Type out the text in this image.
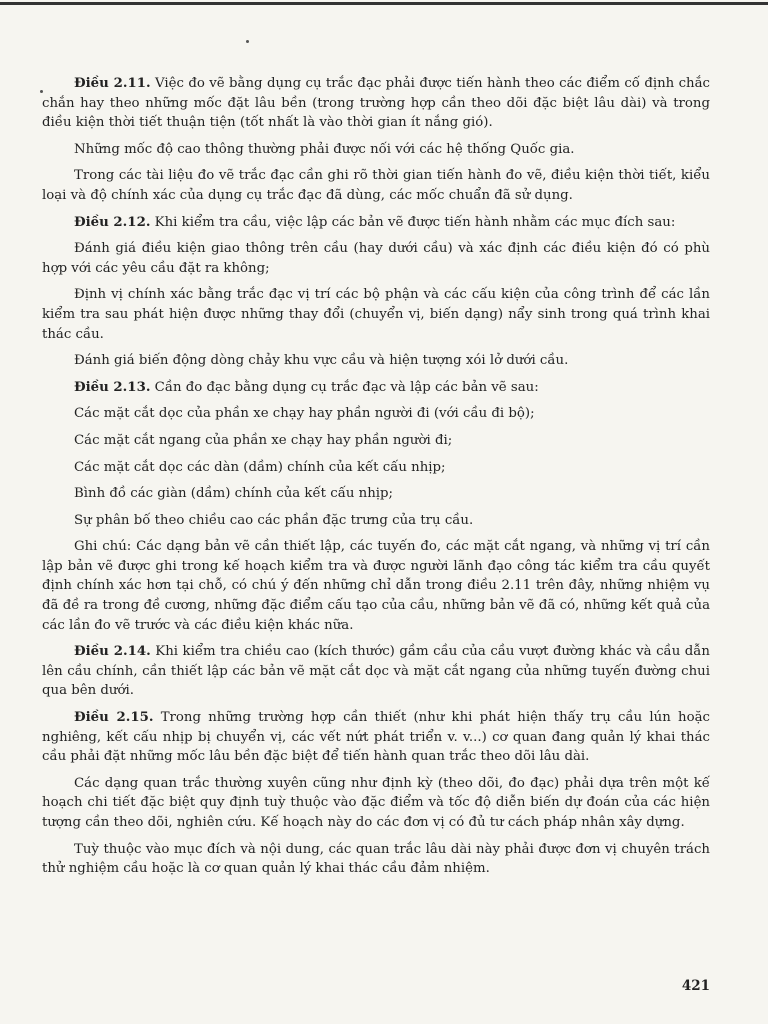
Điều 2.11. Việc đo vẽ bằng dụng cụ trắc đạc phải được tiến hành theo các điểm cố định chắc chắn hay theo những mốc đặt lâu bền (trong trường hợp cần theo dõi đặc biệt lâu dài) và trong điều kiện thời tiết thuận tiện (tốt nhất là vào thời gian ít nắng gió).

Những mốc độ cao thông thường phải được nối với các hệ thống Quốc gia.

Trong các tài liệu đo vẽ trắc đạc cần ghi rõ thời gian tiến hành đo vẽ, điều kiện thời tiết, kiểu loại và độ chính xác của dụng cụ trắc đạc đã dùng, các mốc chuẩn đã sử dụng.

Điều 2.12. Khi kiểm tra cầu, việc lập các bản vẽ được tiến hành nhằm các mục đích sau:

Đánh giá điều kiện giao thông trên cầu (hay dưới cầu) và xác định các điều kiện đó có phù hợp với các yêu cầu đặt ra không;

Định vị chính xác bằng trắc đạc vị trí các bộ phận và các cấu kiện của công trình để các lần kiểm tra sau phát hiện được những thay đổi (chuyển vị, biến dạng) nẩy sinh trong quá trình khai thác cầu.

Đánh giá biến động dòng chảy khu vực cầu và hiện tượng xói lở dưới cầu.

Điều 2.13. Cần đo đạc bằng dụng cụ trắc đạc và lập các bản vẽ sau:

Các mặt cắt dọc của phần xe chạy hay phần người đi (với cầu đi bộ);

Các mặt cắt ngang của phần xe chạy hay phần người đi;

Các mặt cắt dọc các dàn (dầm) chính của kết cấu nhịp;

Bình đồ các giàn (dầm) chính của kết cấu nhịp;

Sự phân bố theo chiều cao các phần đặc trưng của trụ cầu.

Ghi chú: Các dạng bản vẽ cần thiết lập, các tuyến đo, các mặt cắt ngang, và những vị trí cần lập bản vẽ được ghi trong kế hoạch kiểm tra và được người lãnh đạo công tác kiểm tra cầu quyết định chính xác hơn tại chỗ, có chú ý đến những chỉ dẫn trong điều 2.11 trên đây, những nhiệm vụ đã đề ra trong đề cương, những đặc điểm cấu tạo của cầu, những bản vẽ đã có, những kết quả của các lần đo vẽ trước và các điều kiện khác nữa.

Điều 2.14. Khi kiểm tra chiều cao (kích thước) gầm cầu của cầu vượt đường khác và cầu dẫn lên cầu chính, cần thiết lập các bản vẽ mặt cắt dọc và mặt cắt ngang của những tuyến đường chui qua bên dưới.

Điều 2.15. Trong những trường hợp cần thiết (như khi phát hiện thấy trụ cầu lún hoặc nghiêng, kết cấu nhịp bị chuyển vị, các vết nứt phát triển v. v...) cơ quan đang quản lý khai thác cầu phải đặt những mốc lâu bền đặc biệt để tiến hành quan trắc theo dõi lâu dài.

Các dạng quan trắc thường xuyên cũng như định kỳ (theo dõi, đo đạc) phải dựa trên một kế hoạch chi tiết đặc biệt quy định tuỳ thuộc vào đặc điểm và tốc độ diễn biến dự đoán của các hiện tượng cần theo dõi, nghiên cứu. Kế hoạch này do các đơn vị có đủ tư cách pháp nhân xây dựng.

Tuỳ thuộc vào mục đích và nội dung, các quan trắc lâu dài này phải được đơn vị chuyên trách thử nghiệm cầu hoặc là cơ quan quản lý khai thác cầu đảm nhiệm.

421
